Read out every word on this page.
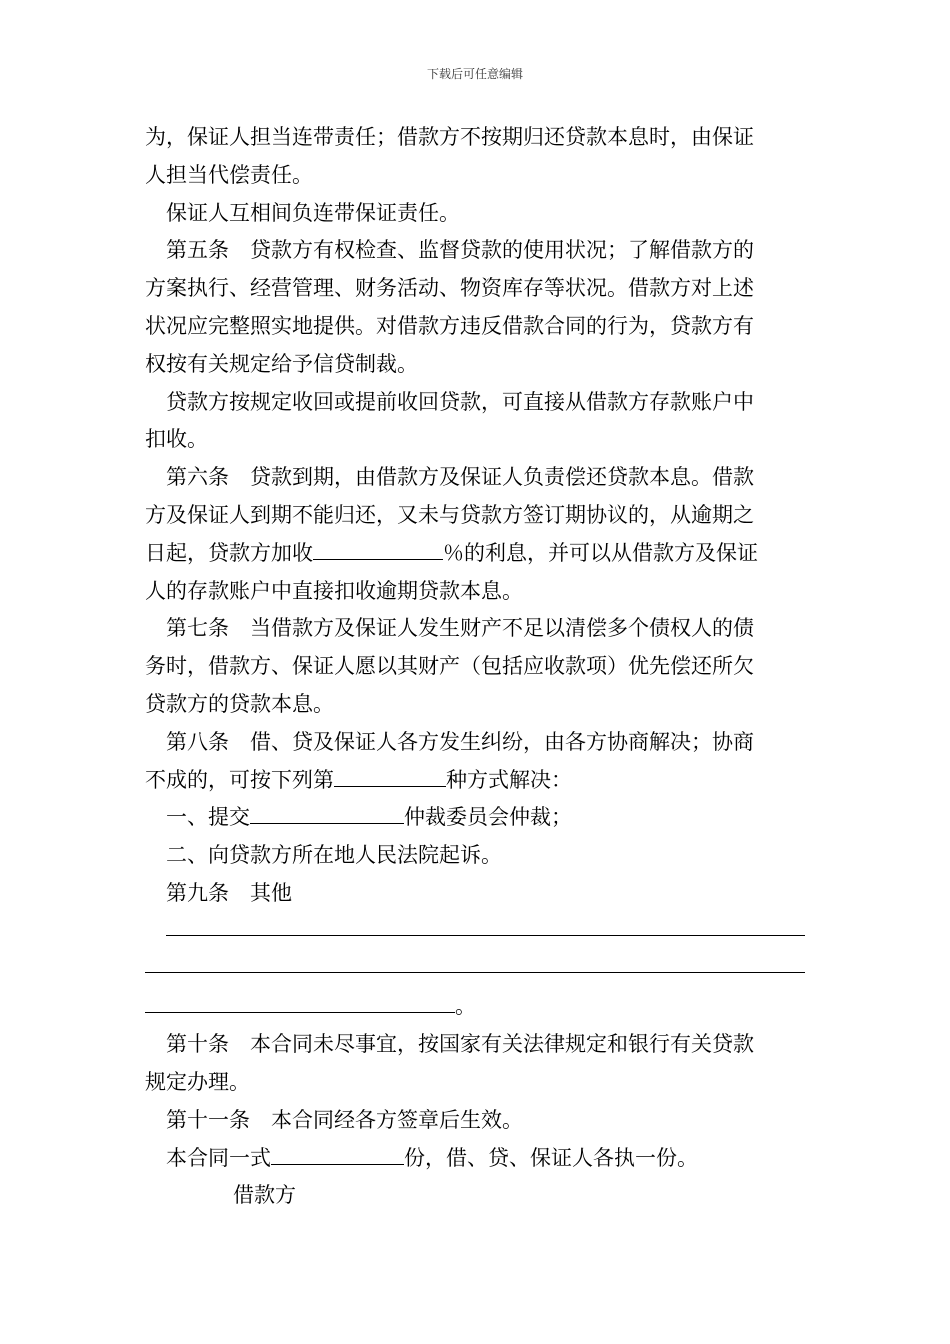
下载后可任意编辑
为，保证人担当连带责任；借款方不按期归还贷款本息时，由保证
人担当代偿责任。
保证人互相间负连带保证责任。
第五条　贷款方有权检查、监督贷款的使用状况；了解借款方的
方案执行、经营管理、财务活动、物资库存等状况。借款方对上述
状况应完整照实地提供。对借款方违反借款合同的行为，贷款方有
权按有关规定给予信贷制裁。
贷款方按规定收回或提前收回贷款，可直接从借款方存款账户中
扣收。
第六条　贷款到期，由借款方及保证人负责偿还贷款本息。借款
方及保证人到期不能归还，又未与贷款方签订期协议的，从逾期之
日起，贷款方加收	％的利息，并可以从借款方及保证
人的存款账户中直接扣收逾期贷款本息。
第七条　当借款方及保证人发生财产不足以清偿多个债权人的债
务时，借款方、保证人愿以其财产（包括应收款项）优先偿还所欠
贷款方的贷款本息。
第八条　借、贷及保证人各方发生纠纷，由各方协商解决；协商
不成的，可按下列第	种方式解决：
一、提交	仲裁委员会仲裁；
二、向贷款方所在地人民法院起诉。
第九条　其他
。
第十条　本合同未尽事宜，按国家有关法律规定和银行有关贷款
规定办理。
第十一条　本合同经各方签章后生效。
本合同一式	份，借、贷、保证人各执一份。
借款方
